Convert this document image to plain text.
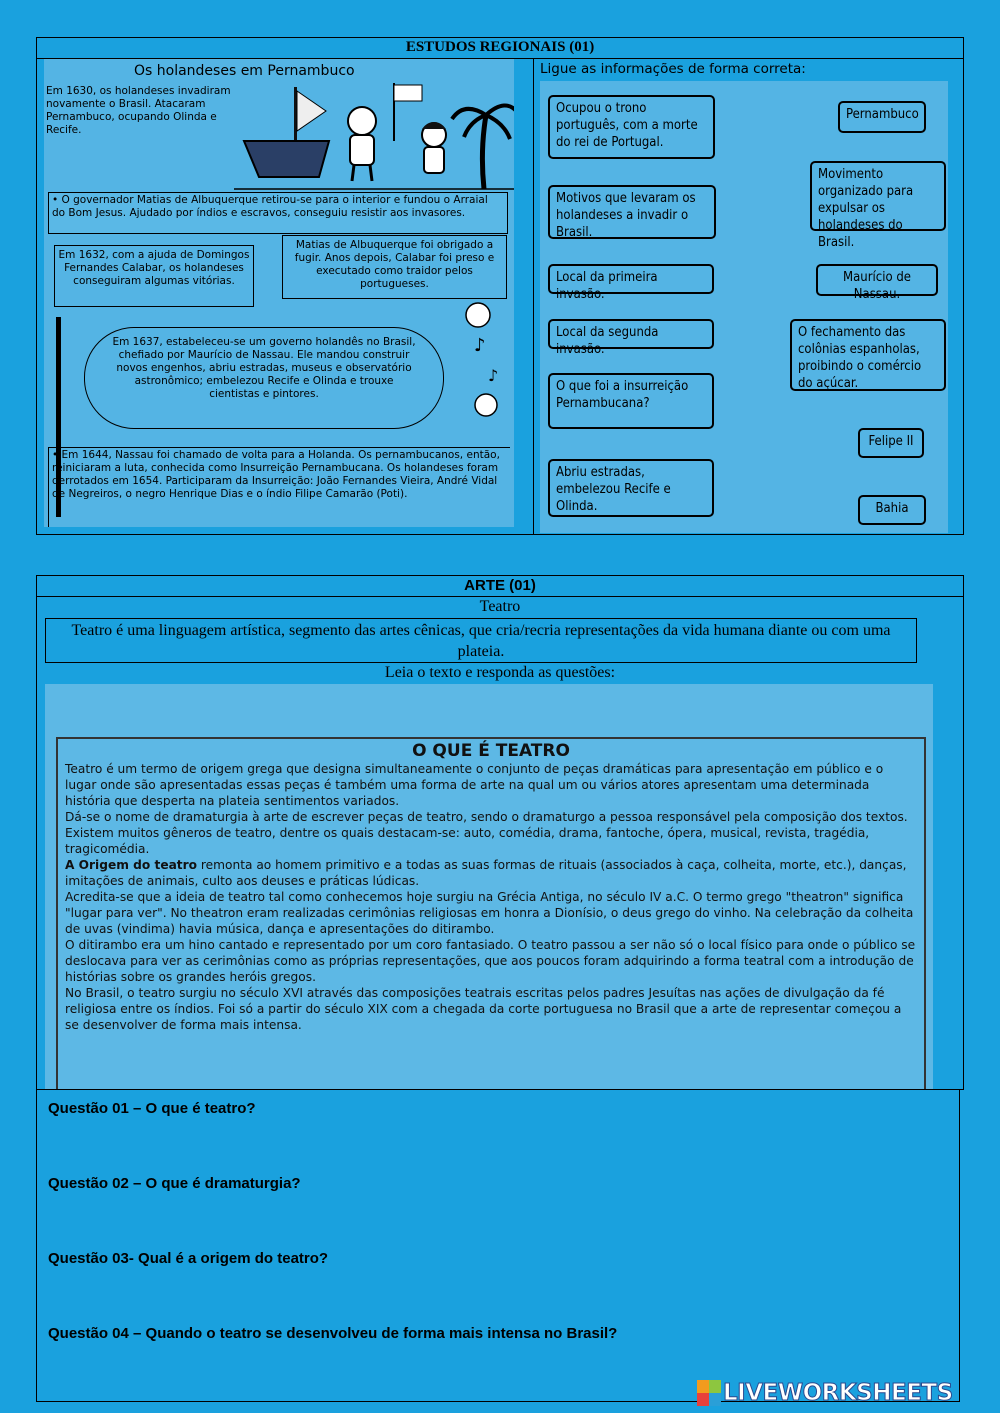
ESTUDOS REGIONAIS (01)
Os holandeses em Pernambuco
Em 1630, os holandeses invadiram novamente o Brasil. Atacaram Pernambuco, ocupando Olinda e Recife.
• O governador Matias de Albuquerque retirou-se para o interior e fundou o Arraial do Bom Jesus. Ajudado por índios e escravos, conseguiu resistir aos invasores.
Em 1632, com a ajuda de Domingos Fernandes Calabar, os holandeses conseguiram algumas vitórias.
Matias de Albuquerque foi obrigado a fugir. Anos depois, Calabar foi preso e executado como traidor pelos portugueses.
Em 1637, estabeleceu-se um governo holandês no Brasil, chefiado por Maurício de Nassau. Ele mandou construir novos engenhos, abriu estradas, museus e observatório astronômico; embelezou Recife e Olinda e trouxe cientistas e pintores.
♪
♪
• Em 1644, Nassau foi chamado de volta para a Holanda. Os pernambucanos, então, reiniciaram a luta, conhecida como Insurreição Pernambucana. Os holandeses foram derrotados em 1654. Participaram da Insurreição: João Fernandes Vieira, André Vidal de Negreiros, o negro Henrique Dias e o índio Filipe Camarão (Poti).
Ligue as informações de forma correta:
Ocupou o trono português, com a morte do rei de Portugal.
Motivos que levaram os holandeses a invadir o Brasil.
Local da primeira invasão.
Local da segunda invasão.
O que foi a insurreição Pernambucana?
Abriu estradas, embelezou Recife e Olinda.
Pernambuco
Movimento organizado para expulsar os holandeses do Brasil.
Maurício de Nassau.
O fechamento das colônias espanholas, proibindo o comércio do açúcar.
Felipe II
Bahia
ARTE (01)
Teatro
Teatro é uma linguagem artística, segmento das artes cênicas, que cria/recria representações da vida humana diante ou com uma plateia.
Leia o texto e responda as questões:
O QUE É TEATRO

Teatro é um termo de origem grega que designa simultaneamente o conjunto de peças dramáticas para apresentação em público e o lugar onde são apresentadas essas peças é também uma forma de arte na qual um ou vários atores apresentam uma determinada história que desperta na plateia sentimentos variados.

Dá-se o nome de dramaturgia à arte de escrever peças de teatro, sendo o dramaturgo a pessoa responsável pela composição dos textos. Existem muitos gêneros de teatro, dentre os quais destacam-se: auto, comédia, drama, fantoche, ópera, musical, revista, tragédia, tragicomédia.

A Origem do teatro remonta ao homem primitivo e a todas as suas formas de rituais (associados à caça, colheita, morte, etc.), danças, imitações de animais, culto aos deuses e práticas lúdicas.

Acredita-se que a ideia de teatro tal como conhecemos hoje surgiu na Grécia Antiga, no século IV a.C. O termo grego "theatron" significa "lugar para ver". No theatron eram realizadas cerimônias religiosas em honra a Dionísio, o deus grego do vinho. Na celebração da colheita de uvas (vindima) havia música, dança e apresentações do ditirambo.

O ditirambo era um hino cantado e representado por um coro fantasiado. O teatro passou a ser não só o local físico para onde o público se deslocava para ver as cerimônias como as próprias representações, que aos poucos foram adquirindo a forma teatral com a introdução de histórias sobre os grandes heróis gregos.

No Brasil, o teatro surgiu no século XVI através das composições teatrais escritas pelos padres Jesuítas nas ações de divulgação da fé religiosa entre os índios. Foi só a partir do século XIX com a chegada da corte portuguesa no Brasil que a arte de representar começou a se desenvolver de forma mais intensa.

Questão 01 – O que é teatro?
Questão 02 – O que é dramaturgia?
Questão 03- Qual é a origem do teatro?
Questão 04 – Quando o teatro se desenvolveu de forma mais intensa no Brasil?
LIVEWORKSHEETS
